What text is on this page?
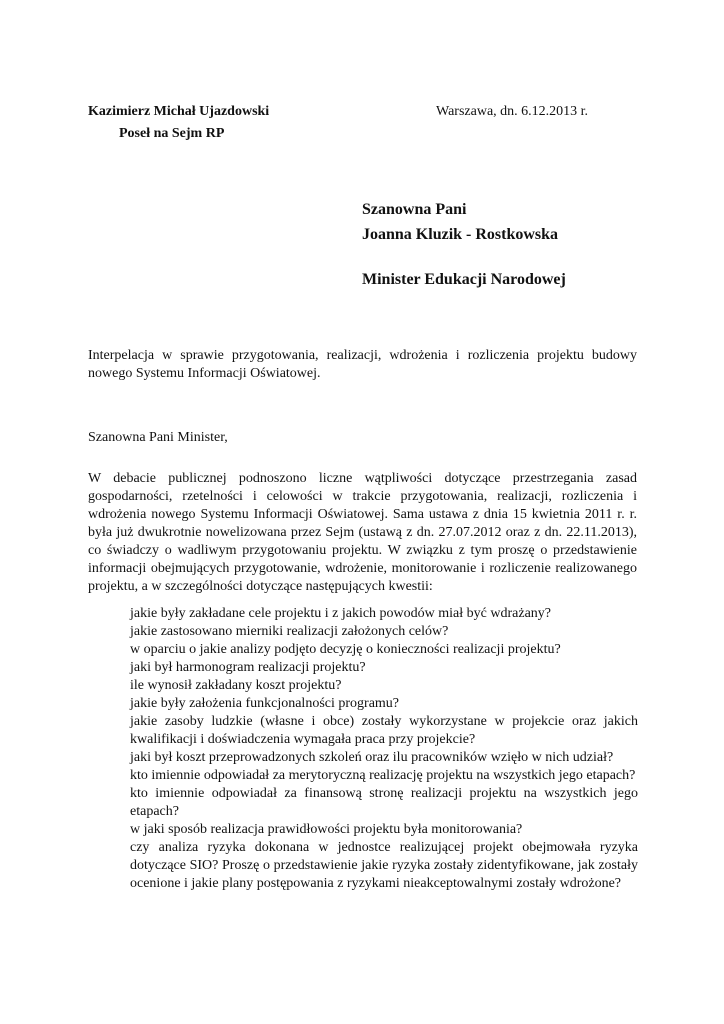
Kazimierz Michał Ujazdowski
Poseł na Sejm RP
Warszawa, dn. 6.12.2013 r.
Szanowna Pani
Joanna Kluzik - Rostkowska
Minister Edukacji Narodowej
Interpelacja w sprawie przygotowania, realizacji, wdrożenia i rozliczenia projektu budowy nowego Systemu Informacji Oświatowej.
Szanowna Pani Minister,
W debacie publicznej podnoszono liczne wątpliwości dotyczące przestrzegania zasad gospodarności, rzetelności i celowości w trakcie przygotowania, realizacji, rozliczenia i wdrożenia nowego Systemu Informacji Oświatowej. Sama ustawa z dnia 15 kwietnia 2011 r. r. była już dwukrotnie nowelizowana przez Sejm (ustawą z dn. 27.07.2012 oraz z dn. 22.11.2013), co świadczy o wadliwym przygotowaniu projektu. W związku z tym proszę o przedstawienie informacji obejmujących przygotowanie, wdrożenie, monitorowanie i rozliczenie realizowanego projektu, a w szczególności dotyczące następujących kwestii:
jakie były zakładane cele projektu i z jakich powodów miał być wdrażany?
jakie zastosowano mierniki realizacji założonych celów?
w oparciu o jakie analizy podjęto decyzję o konieczności realizacji projektu?
jaki był harmonogram realizacji projektu?
ile wynosił zakładany koszt projektu?
jakie były założenia funkcjonalności programu?
jakie zasoby ludzkie (własne i obce) zostały wykorzystane w projekcie oraz jakich kwalifikacji i doświadczenia wymagała praca przy projekcie?
jaki był koszt przeprowadzonych szkoleń oraz ilu pracowników wzięło w nich udział?
kto imiennie odpowiadał za merytoryczną realizację projektu na wszystkich jego etapach?
kto imiennie odpowiadał za finansową stronę realizacji projektu na wszystkich jego etapach?
w jaki sposób realizacja prawidłowości projektu była monitorowania?
czy analiza ryzyka dokonana w jednostce realizującej projekt obejmowała ryzyka dotyczące SIO? Proszę o przedstawienie jakie ryzyka zostały zidentyfikowane, jak zostały ocenione i jakie plany postępowania z ryzykami nieakceptowalnymi zostały wdrożone?
